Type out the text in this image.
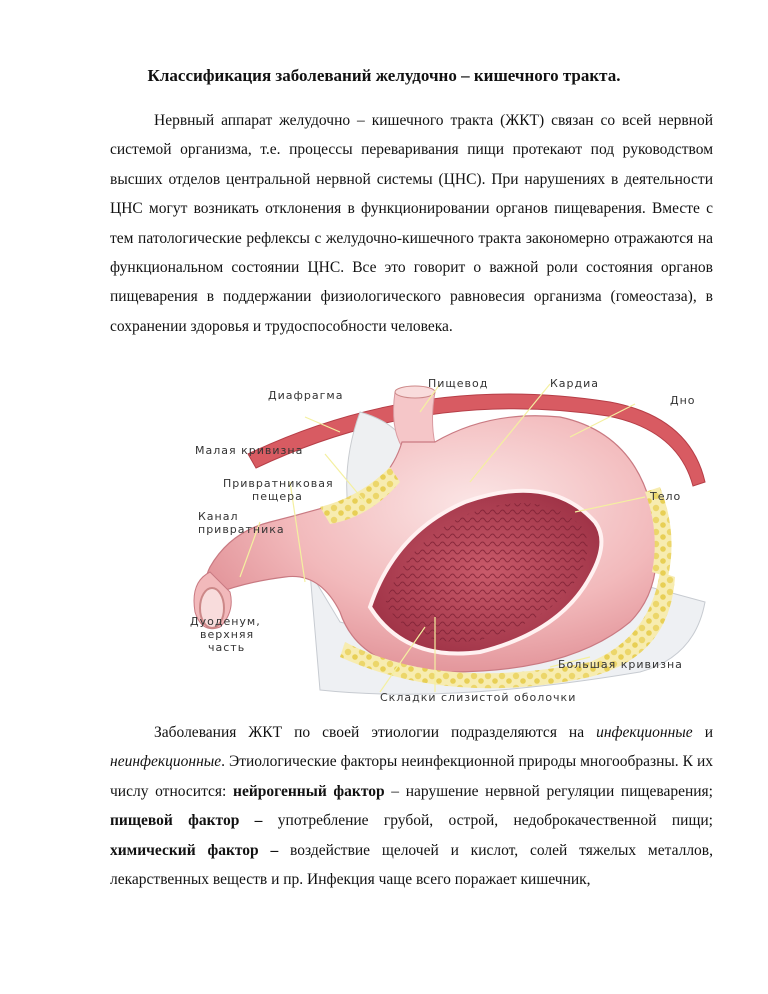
Классификация заболеваний желудочно – кишечного тракта.

Нервный аппарат желудочно – кишечного тракта (ЖКТ) связан со всей нервной системой организма, т.е. процессы переваривания пищи протекают под руководством высших отделов центральной нервной системы (ЦНС). При нарушениях в деятельности ЦНС могут возникать отклонения в функционировании органов пищеварения. Вместе с тем патологические рефлексы с желудочно-кишечного тракта закономерно отражаются на функциональном состоянии ЦНС. Все это говорит о важной роли состояния органов пищеварения в поддержании физиологического равновесия организма (гомеостаза), в сохранении здоровья и трудоспособности человека.

Диафрагма
Пищевод	Кардиа
Дно
Малая кривизна
Привратниковая
пещера
Канал
привратника
Тело
Дуоденум,
верхняя
часть
Большая кривизна
Складки слизистой оболочки

Заболевания ЖКТ по своей этиологии подразделяются на инфекционные и неинфекционные. Этиологические факторы неинфекционной природы многообразны. К их числу относится: нейрогенный фактор – нарушение нервной регуляции пищеварения; пищевой фактор – употребление грубой, острой, недоброкачественной пищи; химический фактор – воздействие щелочей и кислот, солей тяжелых металлов, лекарственных веществ и пр. Инфекция чаще всего поражает кишечник,
